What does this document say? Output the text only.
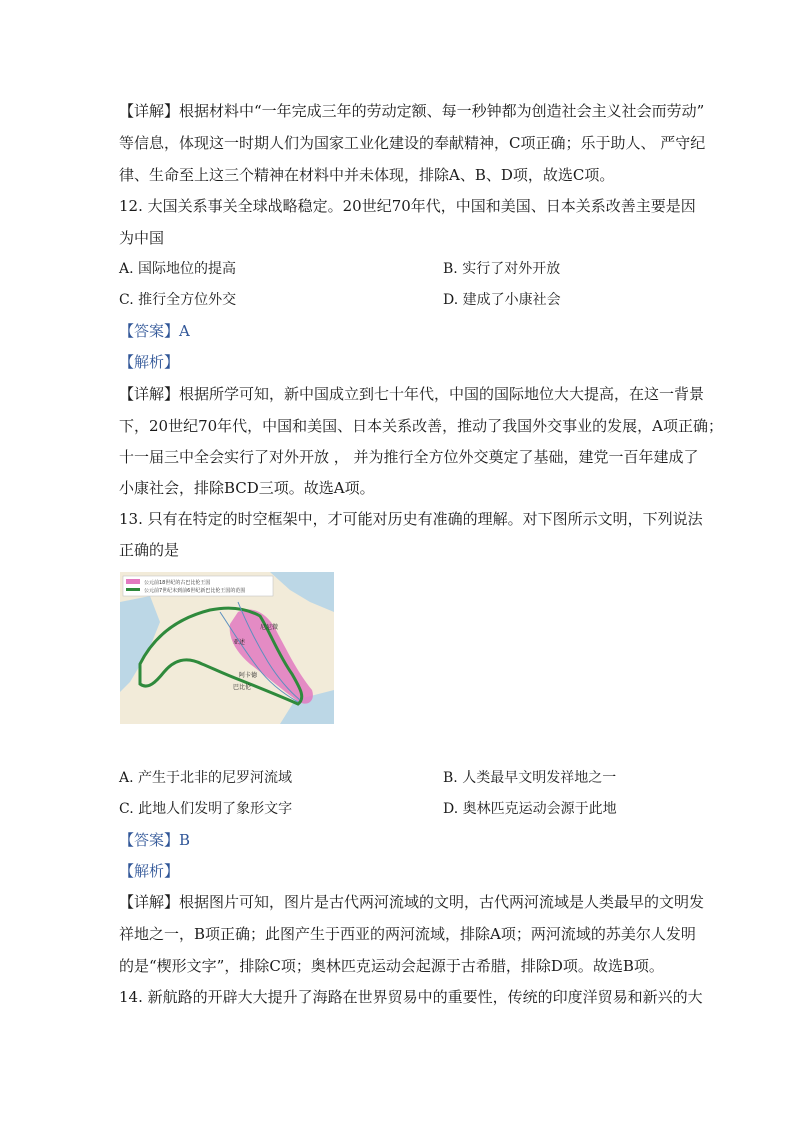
【详解】根据材料中“一年完成三年的劳动定额、每一秒钟都为创造社会主义社会而劳动”
等信息，体现这一时期人们为国家工业化建设的奉献精神，C项正确；乐于助人、 严守纪
律、生命至上这三个精神在材料中并未体现，排除A、B、D项，故选C项。
12. 大国关系事关全球战略稳定。20世纪70年代，中国和美国、日本关系改善主要是因
为中国
A. 国际地位的提高	B. 实行了对外开放
C. 推行全方位外交	D. 建成了小康社会
【答案】A
【解析】
【详解】根据所学可知，新中国成立到七十年代，中国的国际地位大大提高，在这一背景
下，20世纪70年代，中国和美国、日本关系改善，推动了我国外交事业的发展，A项正确；
十一届三中全会实行了对外开放 ， 并为推行全方位外交奠定了基础，建党一百年建成了
小康社会，排除BCD三项。故选A项。
13. 只有在特定的时空框架中，才可能对历史有准确的理解。对下图所示文明，下列说法
正确的是
公元前18世纪的古巴比伦王国
公元前7世纪末到前6世纪新巴比伦王国的范围
尼尼微
亚述
阿卡德
巴比伦
A. 产生于北非的尼罗河流域	B. 人类最早文明发祥地之一
C. 此地人们发明了象形文字	D. 奥林匹克运动会源于此地
【答案】B
【解析】
【详解】根据图片可知，图片是古代两河流域的文明，古代两河流域是人类最早的文明发
祥地之一，B项正确；此图产生于西亚的两河流域，排除A项；两河流域的苏美尔人发明
的是“楔形文字”，排除C项；奥林匹克运动会起源于古希腊，排除D项。故选B项。
14. 新航路的开辟大大提升了海路在世界贸易中的重要性，传统的印度洋贸易和新兴的大
